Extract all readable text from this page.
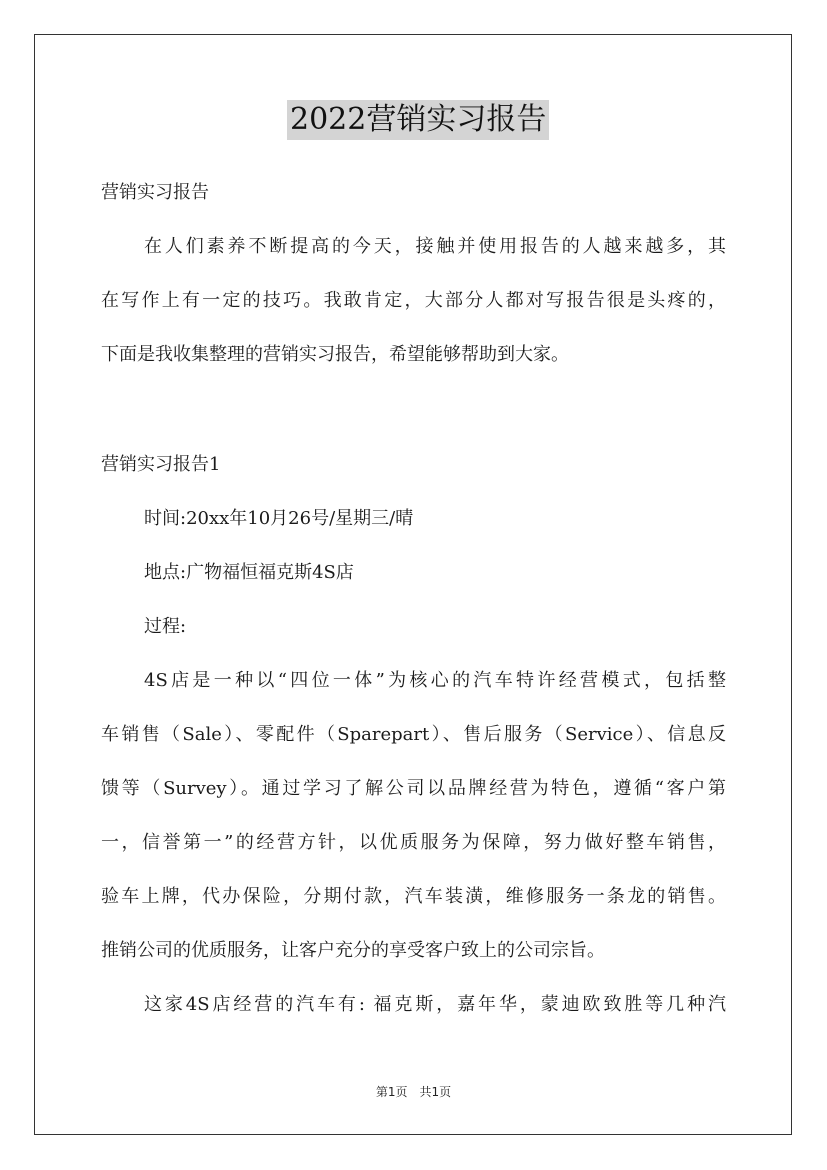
2022营销实习报告
营销实习报告
在人们素养不断提高的今天，接触并使用报告的人越来越多，其
在写作上有一定的技巧。我敢肯定，大部分人都对写报告很是头疼的，
下面是我收集整理的营销实习报告，希望能够帮助到大家。
营销实习报告1
时间:20xx年10月26号/星期三/晴
地点:广物福恒福克斯4S店
过程:
4S店是一种以“四位一体”为核心的汽车特许经营模式，包括整
车销售（Sale）、零配件（Sparepart）、售后服务（Service）、信息反
馈等（Survey）。通过学习了解公司以品牌经营为特色，遵循“客户第
一，信誉第一”的经营方针，以优质服务为保障，努力做好整车销售，
验车上牌，代办保险，分期付款，汽车装潢，维修服务一条龙的销售。
推销公司的优质服务，让客户充分的享受客户致上的公司宗旨。
这家4S店经营的汽车有: 福克斯，嘉年华，蒙迪欧致胜等几种汽
第1页 共1页
